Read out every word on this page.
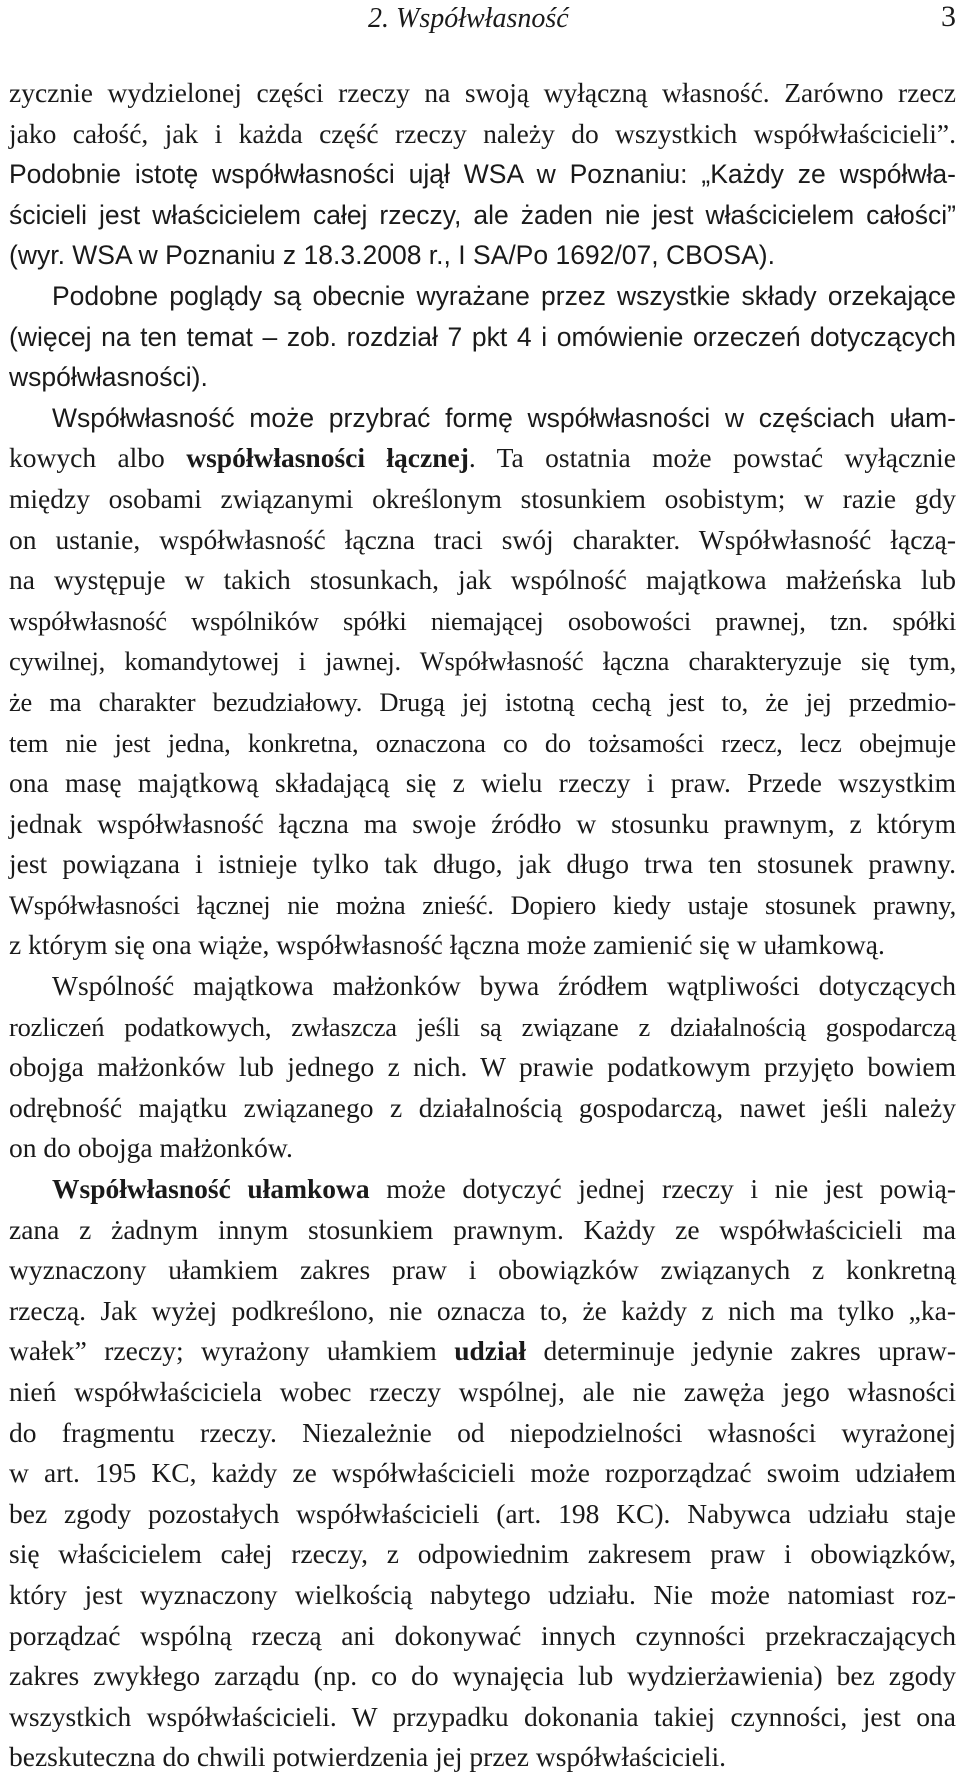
2. Współwłasność	3
zycznie wydzielonej części rzeczy na swoją wyłączną własność. Zarówno rzecz
jako całość, jak i każda część rzeczy należy do wszystkich współwłaścicieli”.
Podobnie istotę współwłasności ujął WSA w Poznaniu: „Każdy ze współwła-
ścicieli jest właścicielem całej rzeczy, ale żaden nie jest właścicielem całości”
(wyr. WSA w Poznaniu z 18.3.2008 r., I SA/Po 1692/07, CBOSA).
Podobne poglądy są obecnie wyrażane przez wszystkie składy orzekające
(więcej na ten temat – zob. rozdział 7 pkt 4 i omówienie orzeczeń dotyczących
współwłasności).
Współwłasność może przybrać formę współwłasności w częściach ułam-
kowych albo współwłasności łącznej. Ta ostatnia może powstać wyłącznie
między osobami związanymi określonym stosunkiem osobistym; w razie gdy
on ustanie, współwłasność łączna traci swój charakter. Współwłasność łączą-
na występuje w takich stosunkach, jak wspólność majątkowa małżeńska lub
współwłasność wspólników spółki niemającej osobowości prawnej, tzn. spółki
cywilnej, komandytowej i jawnej. Współwłasność łączna charakteryzuje się tym,
że ma charakter bezudziałowy. Drugą jej istotną cechą jest to, że jej przedmio-
tem nie jest jedna, konkretna, oznaczona co do tożsamości rzecz, lecz obejmuje
ona masę majątkową składającą się z wielu rzeczy i praw. Przede wszystkim
jednak współwłasność łączna ma swoje źródło w stosunku prawnym, z którym
jest powiązana i istnieje tylko tak długo, jak długo trwa ten stosunek prawny.
Współwłasności łącznej nie można znieść. Dopiero kiedy ustaje stosunek prawny,
z którym się ona wiąże, współwłasność łączna może zamienić się w ułamkową.
Wspólność majątkowa małżonków bywa źródłem wątpliwości dotyczących
rozliczeń podatkowych, zwłaszcza jeśli są związane z działalnością gospodarczą
obojga małżonków lub jednego z nich. W prawie podatkowym przyjęto bowiem
odrębność majątku związanego z działalnością gospodarczą, nawet jeśli należy
on do obojga małżonków.
Współwłasność ułamkowa może dotyczyć jednej rzeczy i nie jest powią-
zana z żadnym innym stosunkiem prawnym. Każdy ze współwłaścicieli ma
wyznaczony ułamkiem zakres praw i obowiązków związanych z konkretną
rzeczą. Jak wyżej podkreślono, nie oznacza to, że każdy z nich ma tylko „ka-
wałek” rzeczy; wyrażony ułamkiem udział determinuje jedynie zakres upraw-
nień współwłaściciela wobec rzeczy wspólnej, ale nie zawęża jego własności
do fragmentu rzeczy. Niezależnie od niepodzielności własności wyrażonej
w art. 195 KC, każdy ze współwłaścicieli może rozporządzać swoim udziałem
bez zgody pozostałych współwłaścicieli (art. 198 KC). Nabywca udziału staje
się właścicielem całej rzeczy, z odpowiednim zakresem praw i obowiązków,
który jest wyznaczony wielkością nabytego udziału. Nie może natomiast roz-
porządzać wspólną rzeczą ani dokonywać innych czynności przekraczających
zakres zwykłego zarządu (np. co do wynajęcia lub wydzierżawienia) bez zgody
wszystkich współwłaścicieli. W przypadku dokonania takiej czynności, jest ona
bezskuteczna do chwili potwierdzenia jej przez współwłaścicieli.
